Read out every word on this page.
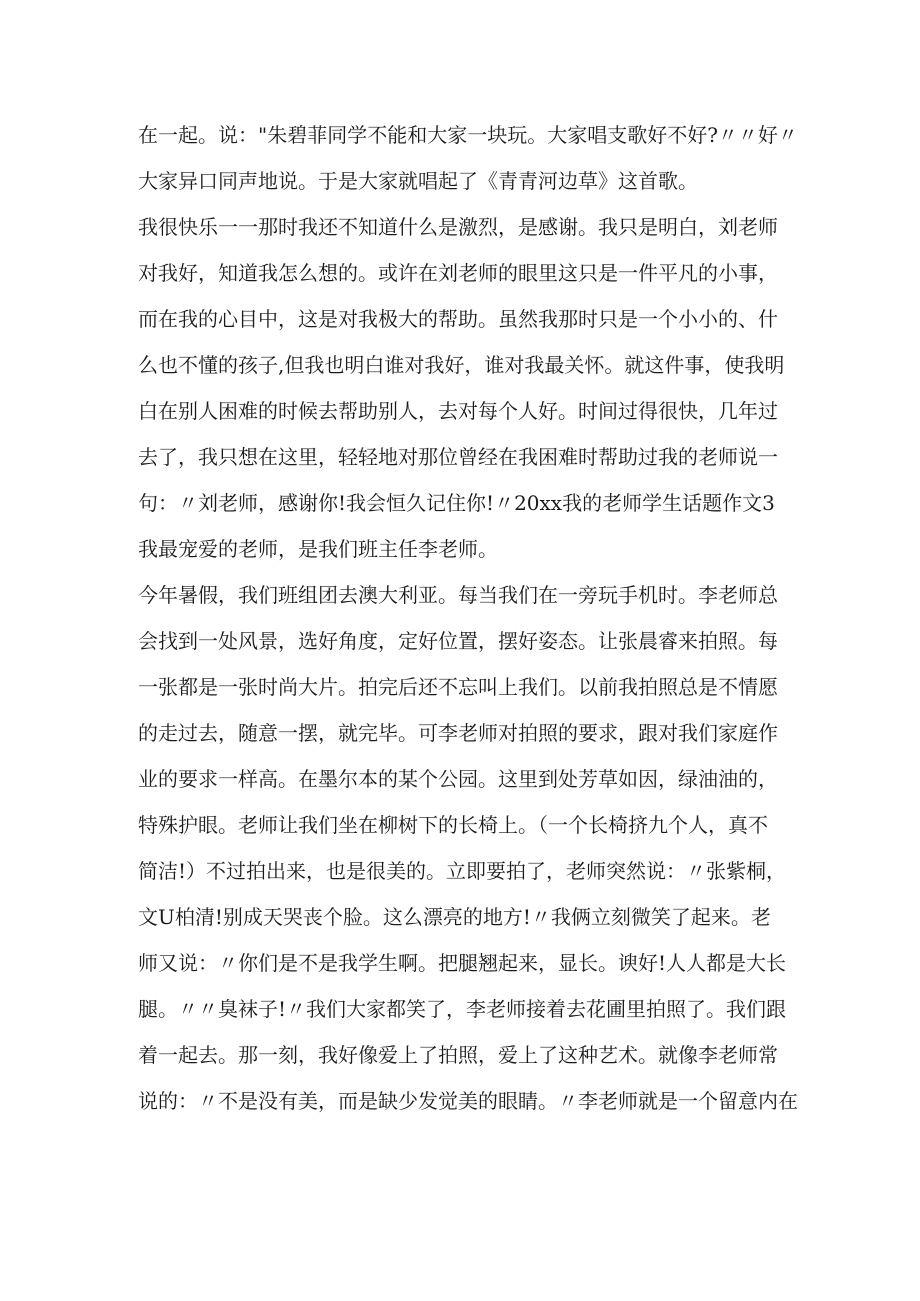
在一起。说："朱碧菲同学不能和大家一块玩。大家唱支歌好不好?〃〃好〃
大家异口同声地说。于是大家就唱起了《青青河边草》这首歌。
我很快乐一一那时我还不知道什么是激烈，是感谢。我只是明白，刘老师
对我好，知道我怎么想的。或许在刘老师的眼里这只是一件平凡的小事，
而在我的心目中，这是对我极大的帮助。虽然我那时只是一个小小的、什
么也不懂的孩子,但我也明白谁对我好，谁对我最关怀。就这件事，使我明
白在别人困难的时候去帮助别人，去对每个人好。时间过得很快，几年过
去了，我只想在这里，轻轻地对那位曾经在我困难时帮助过我的老师说一
句：〃刘老师，感谢你!我会恒久记住你!〃20xx我的老师学生话题作文3
我最宠爱的老师，是我们班主任李老师。
今年暑假，我们班组团去澳大利亚。每当我们在一旁玩手机时。李老师总
会找到一处风景，选好角度，定好位置，摆好姿态。让张晨睿来拍照。每
一张都是一张时尚大片。拍完后还不忘叫上我们。以前我拍照总是不情愿
的走过去，随意一摆，就完毕。可李老师对拍照的要求，跟对我们家庭作
业的要求一样高。在墨尔本的某个公园。这里到处芳草如因，绿油油的，
特殊护眼。老师让我们坐在柳树下的长椅上。（一个长椅挤九个人，真不
简洁!）不过拍出来，也是很美的。立即要拍了，老师突然说：〃张紫桐，
文U柏清!别成天哭丧个脸。这么漂亮的地方!〃我俩立刻微笑了起来。老
师又说：〃你们是不是我学生啊。把腿翘起来，显长。谀好!人人都是大长
腿。〃〃臭袜子!〃我们大家都笑了，李老师接着去花圃里拍照了。我们跟
着一起去。那一刻，我好像爱上了拍照，爱上了这种艺术。就像李老师常
说的：〃不是没有美，而是缺少发觉美的眼睛。〃李老师就是一个留意内在
